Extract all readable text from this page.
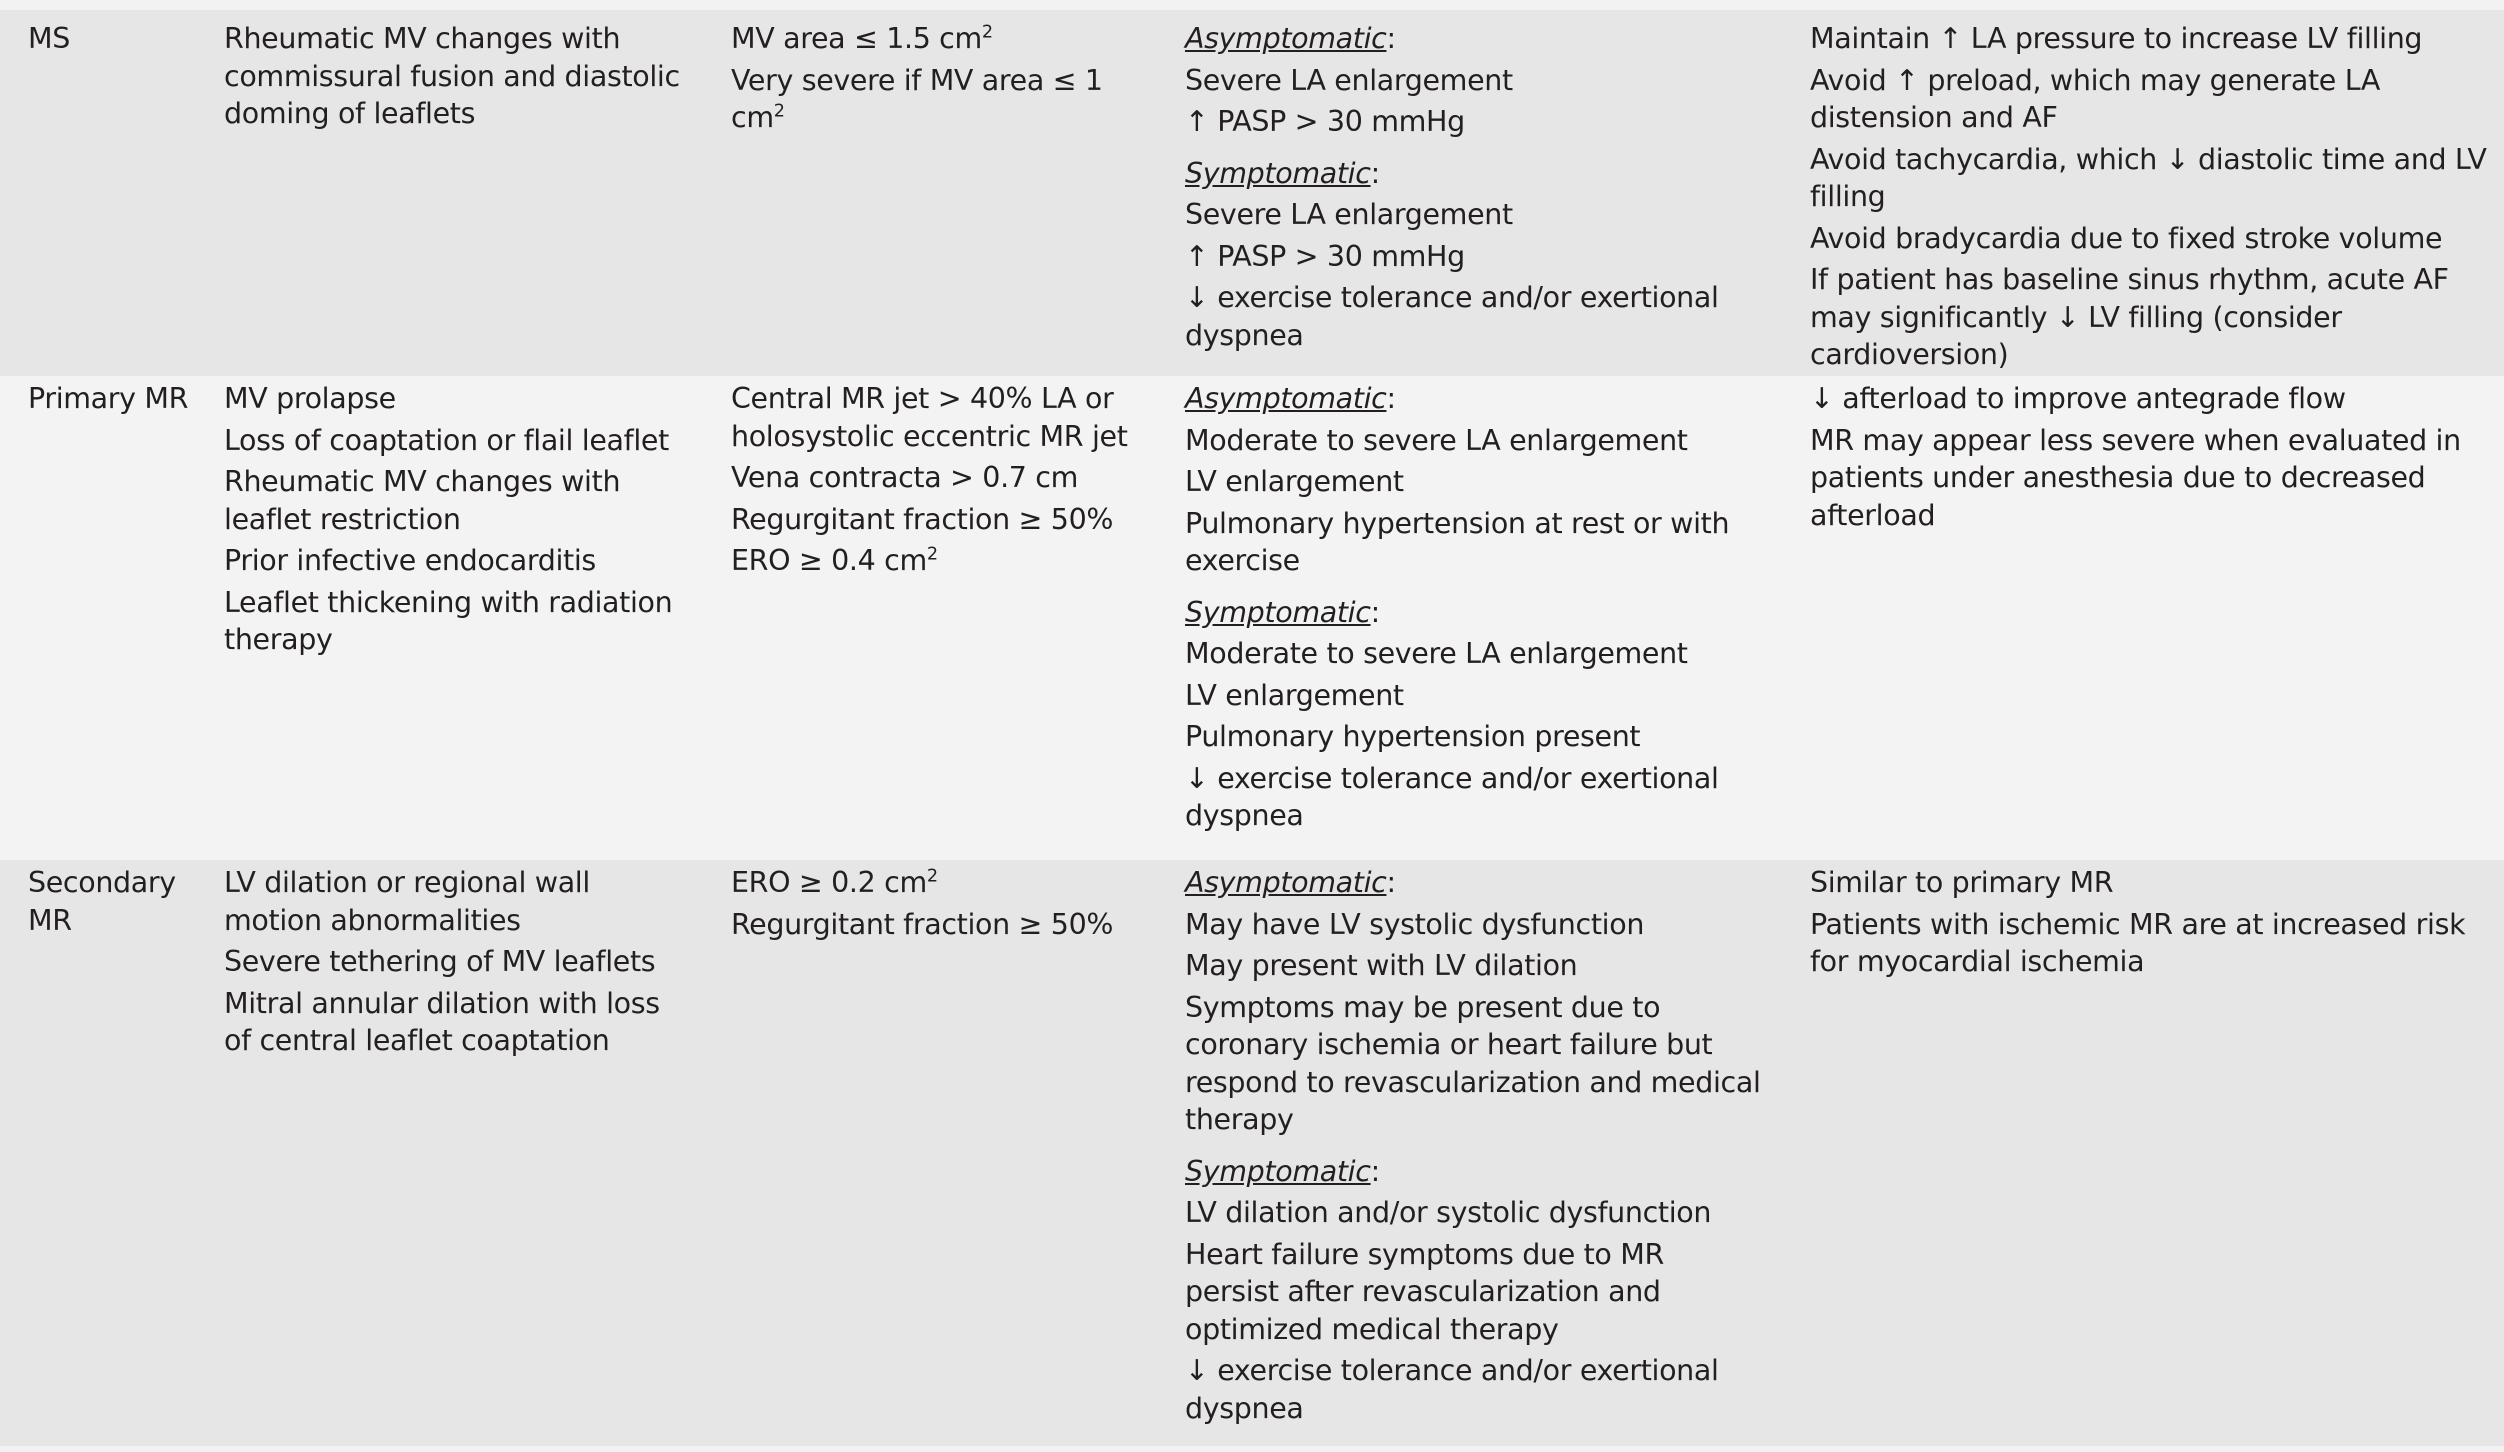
MS	Rheumatic MV changes with commissural fusion and diastolic doming of leaflets
MV area ≤ 1.5 $cm^2$
Very severe if MV area ≤ 1 $cm^2$
Asymptomatic:
Severe LA enlargement
↑ PASP > 30 mmHg
Symptomatic:
Severe LA enlargement
↑ PASP > 30 mmHg
↓ exercise tolerance and/or exertional dyspnea
Maintain ↑ LA pressure to increase LV filling
Avoid ↑ preload, which may generate LA distension and AF
Avoid tachycardia, which ↓ diastolic time and LV filling
Avoid bradycardia due to fixed stroke volume
If patient has baseline sinus rhythm, acute AF may significantly ↓ LV filling (consider cardioversion)
Primary MR	MV prolapse
Loss of coaptation or flail leaflet
Rheumatic MV changes with leaflet restriction
Prior infective endocarditis
Leaflet thickening with radiation therapy
Central MR jet > 40% LA or holosystolic eccentric MR jet
Vena contracta > 0.7 cm
Regurgitant fraction ≥ 50%
ERO ≥ 0.4 $cm^2$
Asymptomatic:
Moderate to severe LA enlargement
LV enlargement
Pulmonary hypertension at rest or with exercise
Symptomatic:
Moderate to severe LA enlargement
LV enlargement
Pulmonary hypertension present
↓ exercise tolerance and/or exertional dyspnea
↓ afterload to improve antegrade flow
MR may appear less severe when evaluated in patients under anesthesia due to decreased afterload
Secondary MR
LV dilation or regional wall motion abnormalities
Severe tethering of MV leaflets
Mitral annular dilation with loss of central leaflet coaptation
ERO ≥ 0.2 $cm^2$
Regurgitant fraction ≥ 50%
Asymptomatic:
May have LV systolic dysfunction
May present with LV dilation
Symptoms may be present due to coronary ischemia or heart failure but respond to revascularization and medical therapy
Symptomatic:
LV dilation and/or systolic dysfunction
Heart failure symptoms due to MR persist after revascularization and optimized medical therapy
↓ exercise tolerance and/or exertional dyspnea
Similar to primary MR
Patients with ischemic MR are at increased risk for myocardial ischemia
